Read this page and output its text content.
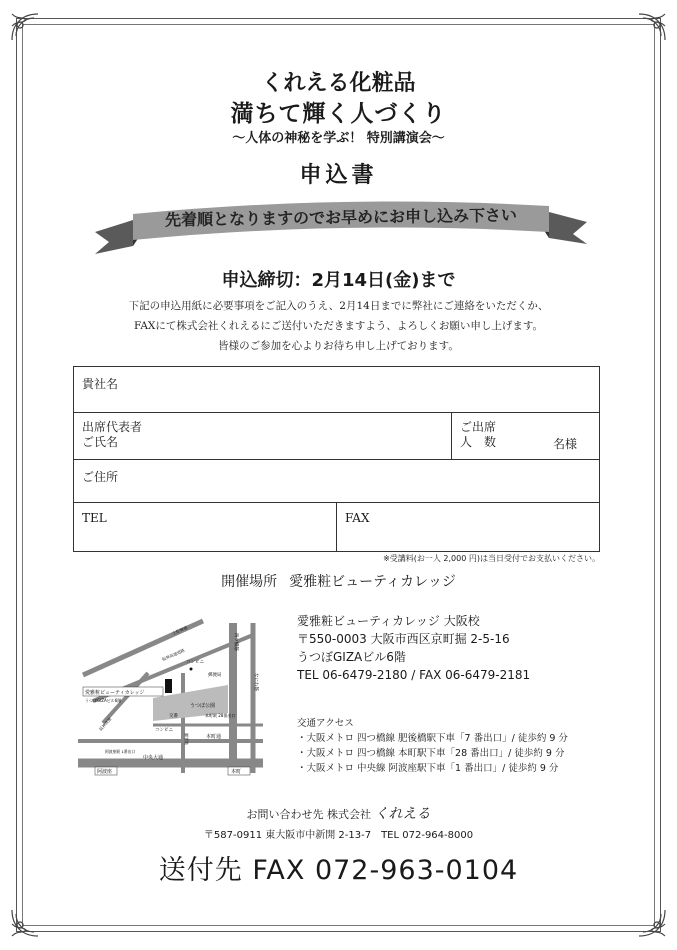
くれえる化粧品
満ちて輝く人づくり
〜人体の神秘を学ぶ！ 特別講演会〜
申込書
先着順となりますのでお早めにお申し込み下さい
申込締切：2月14日(金)まで
下記の申込用紙に必要事項をご記入のうえ、2月14日までに弊社にご連絡をいただくか、
FAXにて株式会社くれえるにご送付いただきますよう、よろしくお願い申し上げます。
皆様のご参加を心よりお待ち申し上げております。
貴社名
出席代表者
ご氏名
ご出席
人　数	名様
ご住所
TEL	FAX
※受講料(お一人 2,000 円)は当日受付でお支払いください。
開催場所 愛雅粧ビューティカレッジ
愛雅粧ビューティカレッジ
うつぼGIZAビル6階
うつぼ公園
本町通
中央大通
阿波座	本町
地下鉄中央線
コンビニ
コンビニ
交番
郵便局
本町駅 28番出口
阿波座駅 1番出口
土佐堀通
阪神高速道路
四ツ橋筋
なにわ筋
御堂筋
阪神高速
愛雅粧ビューティカレッジ 大阪校
〒550-0003 大阪市西区京町掘 2-5-16
うつぼGIZAビル6階
TEL 06-6479-2180 / FAX 06-6479-2181
交通アクセス
・大阪メトロ 四つ橋線 肥後橋駅下車「7 番出口」/ 徒歩約 9 分
・大阪メトロ 四つ橋線 本町駅下車「28 番出口」/ 徒歩約 9 分
・大阪メトロ 中央線 阿波座駅下車「1 番出口」/ 徒歩約 9 分
お問い合わせ先 株式会社 くれえる
〒587-0911 東大阪市中新開 2-13-7　TEL 072-964-8000
送付先 FAX 072-963-0104
